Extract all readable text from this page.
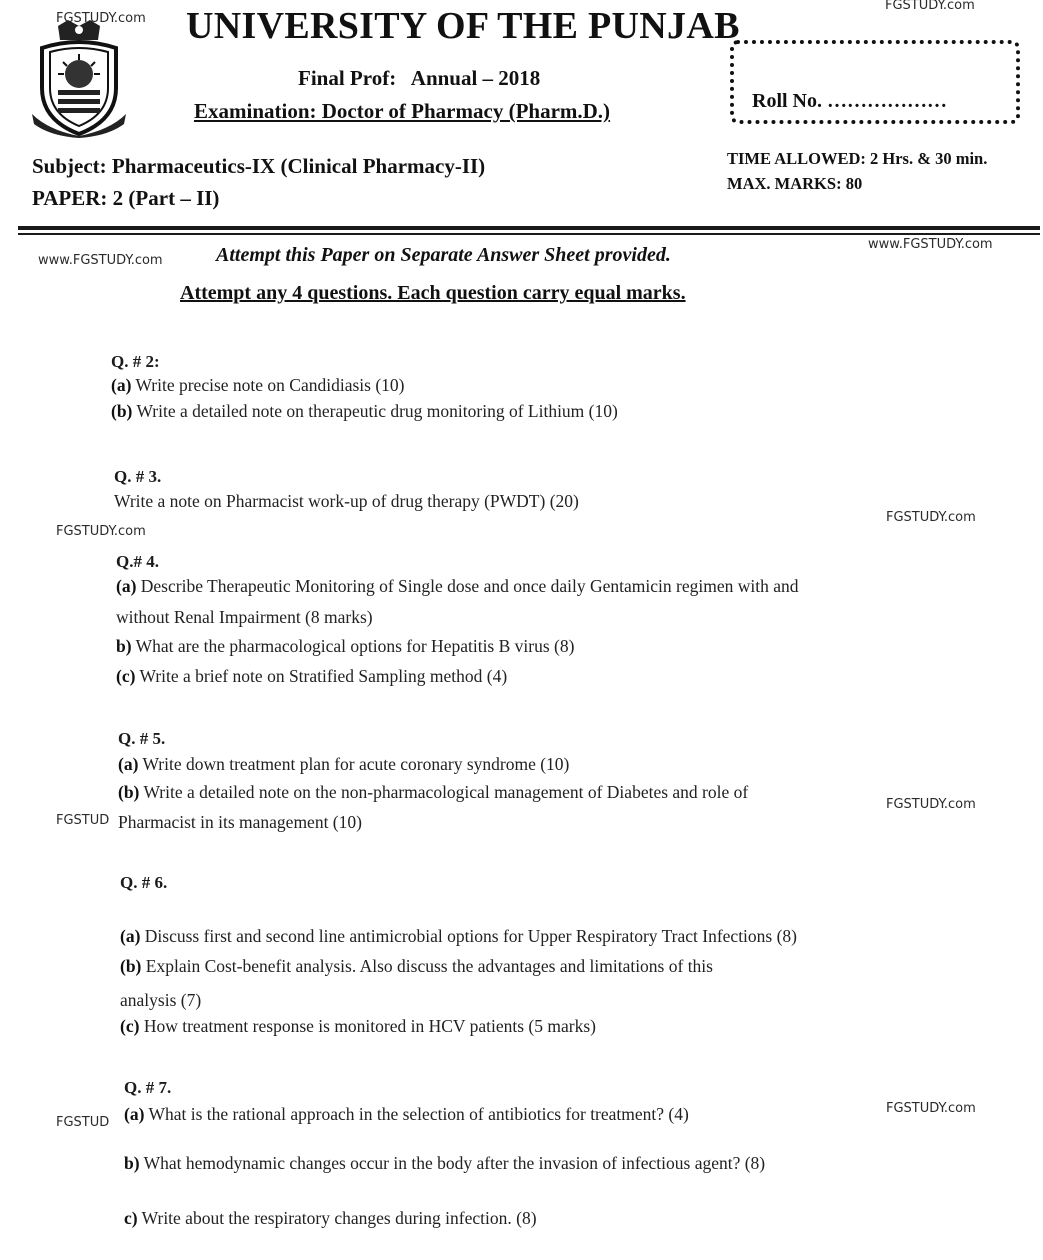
FGSTUDY.com
FGSTUDY.com
www.FGSTUDY.com
www.FGSTUDY.com
FGSTUDY.com
FGSTUDY.com
FGSTUD
FGSTUDY.com
FGSTUD
FGSTUDY.com
UNIVERSITY OF THE PUNJAB
Final Prof:   Annual – 2018
Examination: Doctor of Pharmacy (Pharm.D.)	Roll No. ………………
Subject: Pharmaceutics-IX (Clinical Pharmacy-II)
PAPER: 2 (Part – II)
TIME ALLOWED: 2 Hrs. & 30 min.
MAX. MARKS: 80
Attempt this Paper on Separate Answer Sheet provided.
Attempt any 4 questions. Each question carry equal marks.
Q. # 2:
(a) Write precise note on Candidiasis (10)
(b) Write a detailed note on therapeutic drug monitoring of Lithium (10)
Q. # 3.
Write a note on Pharmacist work-up of drug therapy (PWDT) (20)
Q.# 4.
(a) Describe Therapeutic Monitoring of Single dose and once daily Gentamicin regimen with and
without Renal Impairment (8 marks)
b) What are the pharmacological options for Hepatitis B virus (8)
(c) Write a brief note on Stratified Sampling method (4)
Q. # 5.
(a) Write down treatment plan for acute coronary syndrome (10)
(b) Write a detailed note on the non-pharmacological management of Diabetes and role of
Pharmacist in its management (10)
Q. # 6.
(a) Discuss first and second line antimicrobial options for Upper Respiratory Tract Infections (8)
(b) Explain Cost-benefit analysis. Also discuss the advantages and limitations of this
analysis (7)
(c) How treatment response is monitored in HCV patients (5 marks)
Q. # 7.
(a) What is the rational approach in the selection of antibiotics for treatment? (4)
b) What hemodynamic changes occur in the body after the invasion of infectious agent? (8)
c) Write about the respiratory changes during infection. (8)
